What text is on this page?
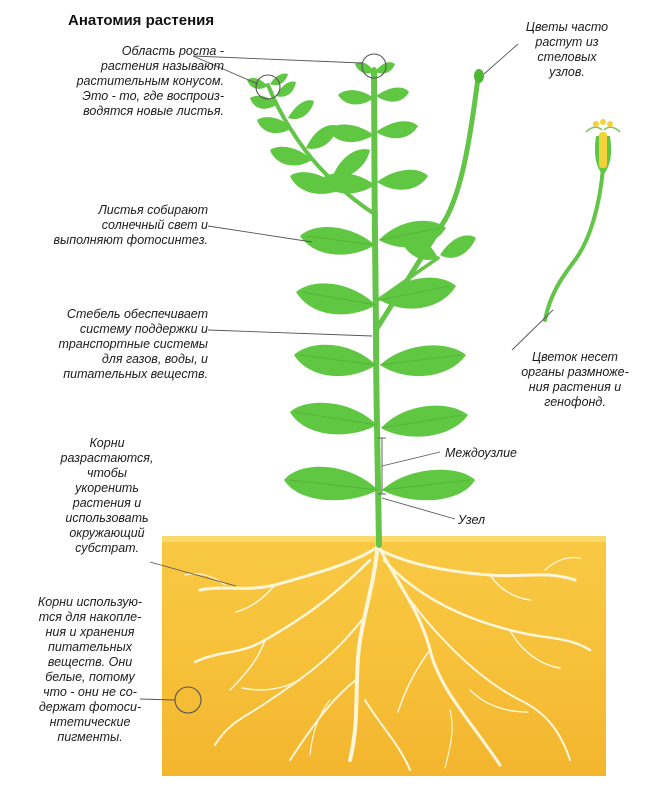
Анатомия растения
Область роста -
растения называют
растительным конусом.
Это - то, где воспроиз-
водятся новые листья.
Цветы часто
растут из
стеловых
узлов.
Листья собирают
солнечный свет и
выполняют фотосинтез.
Стебель обеспечивает
систему поддержки и
транспортные системы
для газов, воды, и
питательных веществ.
Цветок несет
органы размноже-
ния растения и
генофонд.
Междоузлие
Узел
Корни
разрастаются,
чтобы
укоренить
растения и
использовать
окружающий
субстрат.
Корни использую-
тся для накопле-
ния и хранения
питательных
веществ. Они
белые, потому
что - они не со-
держат фотоси-
нтетические
пигменты.
